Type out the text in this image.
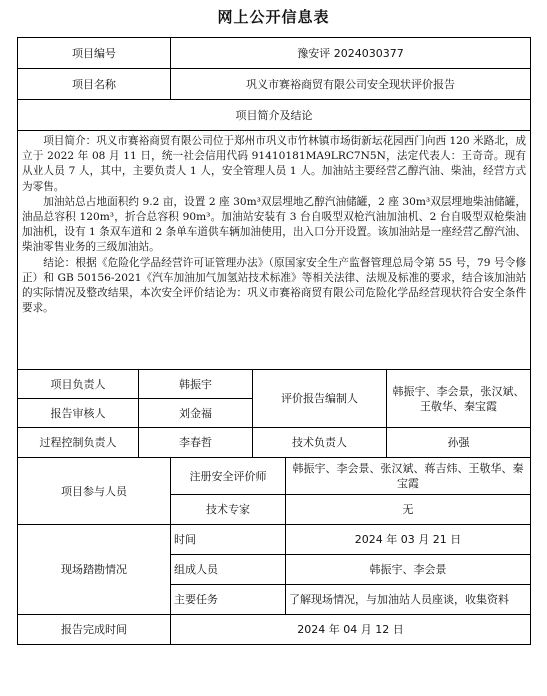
网上公开信息表
项目编号		豫安评 2024030377			
项目名称		巩义市赛裕商贸有限公司安全现状评价报告			
项目简介及结论					

项目简介：巩义市赛裕商贸有限公司位于郑州市巩义市竹林镇市场街新坛花园西门向西 120 米路北，成立于 2022 年 08 月 11 日，统一社会信用代码 91410181MA9LRC7N5N，法定代表人：王奇奇。现有从业人员 7 人，其中，主要负责人 1 人，安全管理人员 1 人。加油站主要经营乙醇汽油、柴油，经营方式为零售。

加油站总占地面积约 9.2 亩，设置 2 座 30m³双层埋地乙醇汽油储罐，2 座 30m³双层埋地柴油储罐，油品总容积 120m³，折合总容积 90m³。加油站安装有 3 台自吸型双枪汽油加油机、2 台自吸型双枪柴油加油机，设有 1 条双车道和 2 条单车道供车辆加油使用，出入口分开设置。该加油站是一座经营乙醇汽油、柴油零售业务的三级加油站。

结论：根据《危险化学品经营许可证管理办法》（原国家安全生产监督管理总局令第 55 号，79 号令修正）和 GB 50156-2021《汽车加油加气加氢站技术标准》等相关法律、法规及标准的要求，结合该加油站的实际情况及整改结果，本次安全评价结论为：巩义市赛裕商贸有限公司危险化学品经营现状符合安全条件要求。					

项目负责人	韩振宇		评价报告编制人		韩振宇、李会景，张汉斌、王敬华、秦宝霞
报告审核人	刘金福				
过程控制负责人	李春哲		技术负责人		孙强
项目参与人员		注册安全评价师		韩振宇、李会景、张汉斌、蒋吉炜、王敬华、秦宝霞	
		技术专家		无	
现场踏勘情况		时间		2024 年 03 月 21 日	
		组成人员		韩振宇、李会景	
		主要任务		了解现场情况，与加油站人员座谈，收集资料	
报告完成时间		2024 年 04 月 12 日			
